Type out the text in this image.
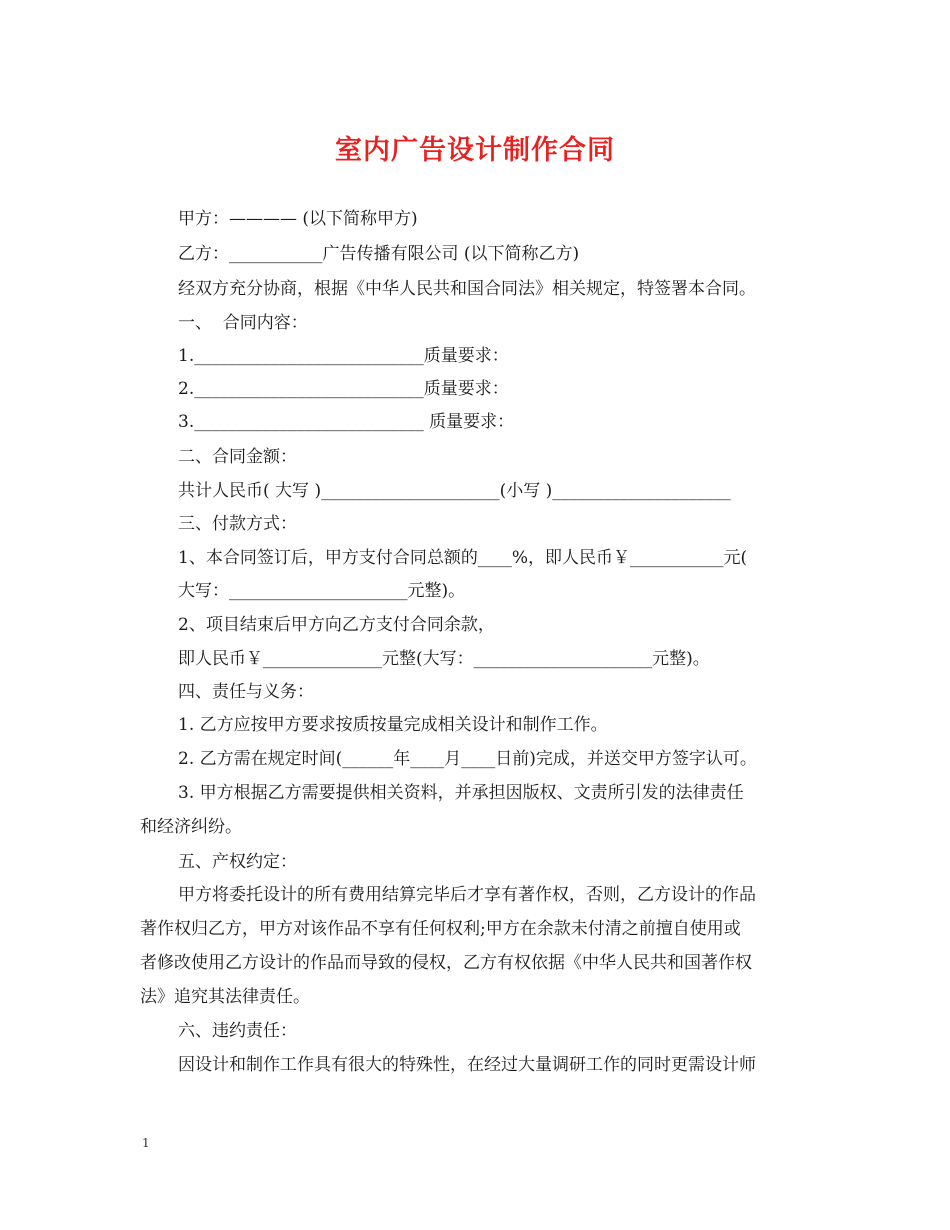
室内广告设计制作合同
甲方：———— (以下简称甲方)
乙方：___________广告传播有限公司 (以下简称乙方)
经双方充分协商，根据《中华人民共和国合同法》相关规定，特签署本合同。
一、  合同内容：
1.___________________________质量要求：
2.___________________________质量要求：
3.___________________________ 质量要求：
二、合同金额：
共计人民币( 大写 )_____________________(小写 )_____________________
三、付款方式：
1、本合同签订后，甲方支付合同总额的____%，即人民币￥___________元(
大写：_____________________元整)。
2、项目结束后甲方向乙方支付合同余款，
即人民币￥______________元整(大写：_____________________元整)。
四、责任与义务：
1. 乙方应按甲方要求按质按量完成相关设计和制作工作。
2. 乙方需在规定时间(______年____月____日前)完成，并送交甲方签字认可。
3. 甲方根据乙方需要提供相关资料，并承担因版权、文责所引发的法律责任
和经济纠纷。
五、产权约定：
甲方将委托设计的所有费用结算完毕后才享有著作权，否则，乙方设计的作品
著作权归乙方，甲方对该作品不享有任何权利;甲方在余款未付清之前擅自使用或
者修改使用乙方设计的作品而导致的侵权，乙方有权依据《中华人民共和国著作权
法》追究其法律责任。
六、违约责任：
因设计和制作工作具有很大的特殊性，在经过大量调研工作的同时更需设计师
1
